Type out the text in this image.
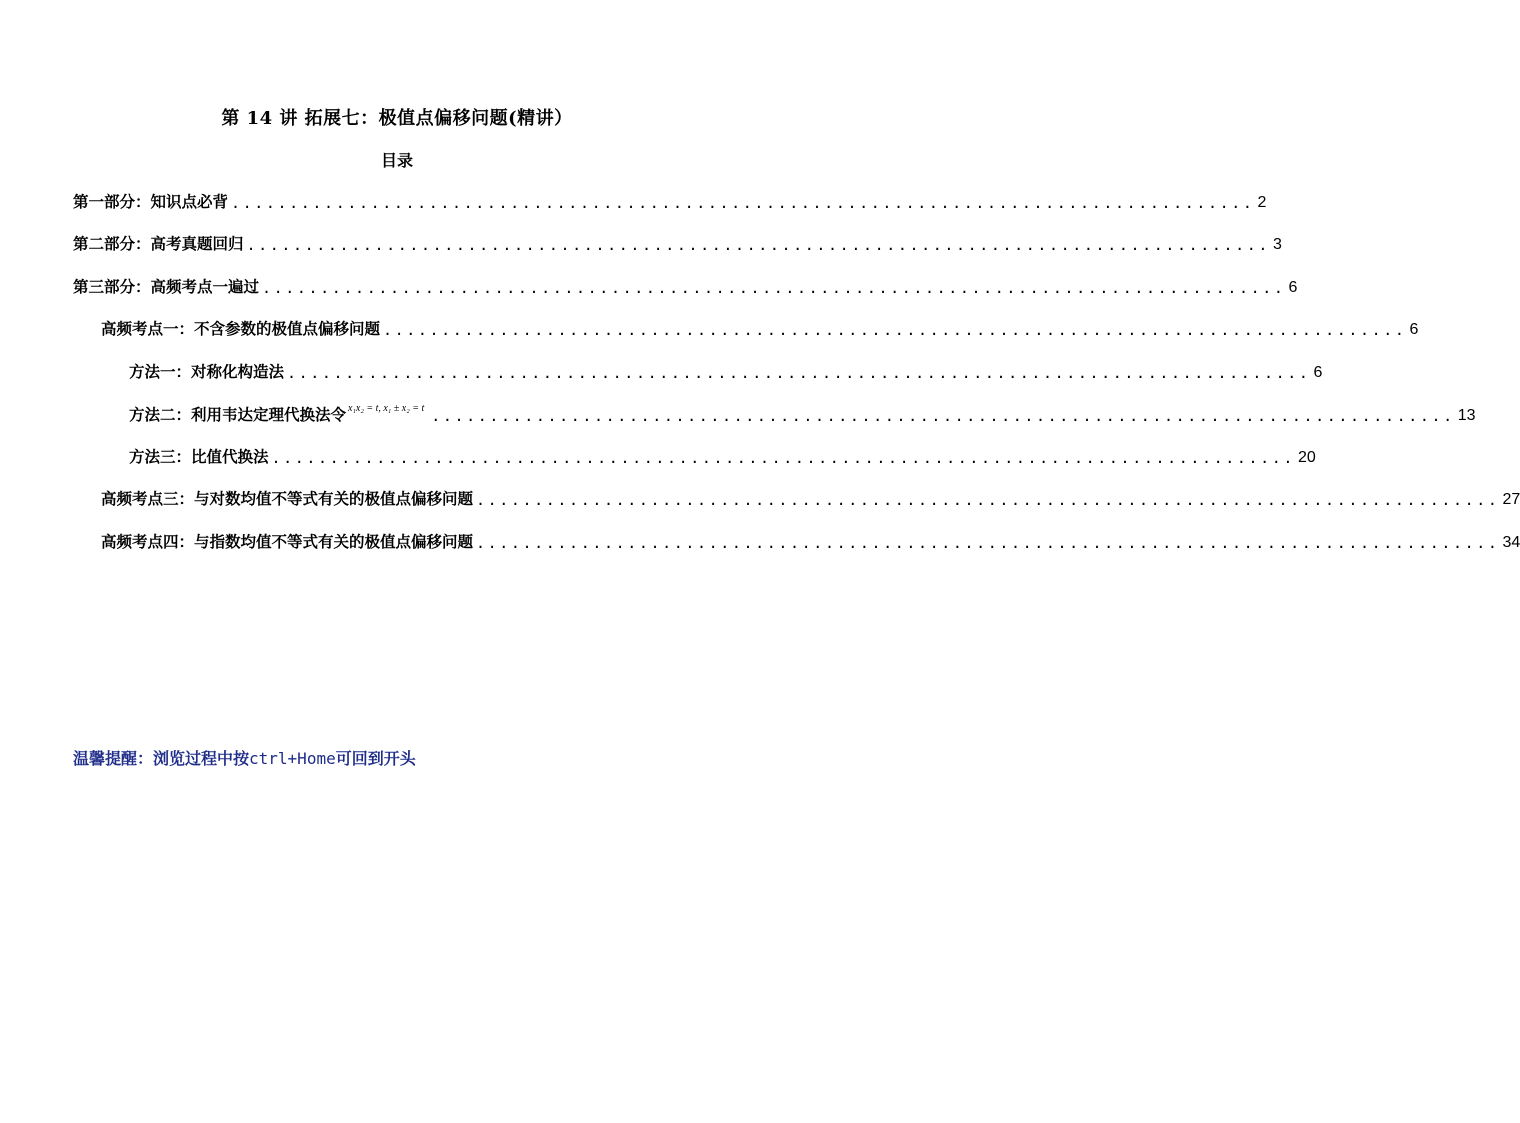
第 14 讲 拓展七：极值点偏移问题(精讲）
目录
第一部分：知识点必背 ........................................................................................ 2
第二部分：高考真题回归 ........................................................................................ 3
第三部分：高频考点一遍过 ........................................................................................ 6
高频考点一：不含参数的极值点偏移问题 ........................................................................................ 6
方法一：对称化构造法 ........................................................................................ 6
方法二：利用韦达定理代换法令 x₁x₂ = t, x₁ ± x₂ = t ........................................................................................ 13
方法三：比值代换法 ........................................................................................ 20
高频考点三：与对数均值不等式有关的极值点偏移问题 ........................................................................................ 27
高频考点四：与指数均值不等式有关的极值点偏移问题 ........................................................................................ 34
温馨提醒：浏览过程中按ctrl+Home可回到开头
